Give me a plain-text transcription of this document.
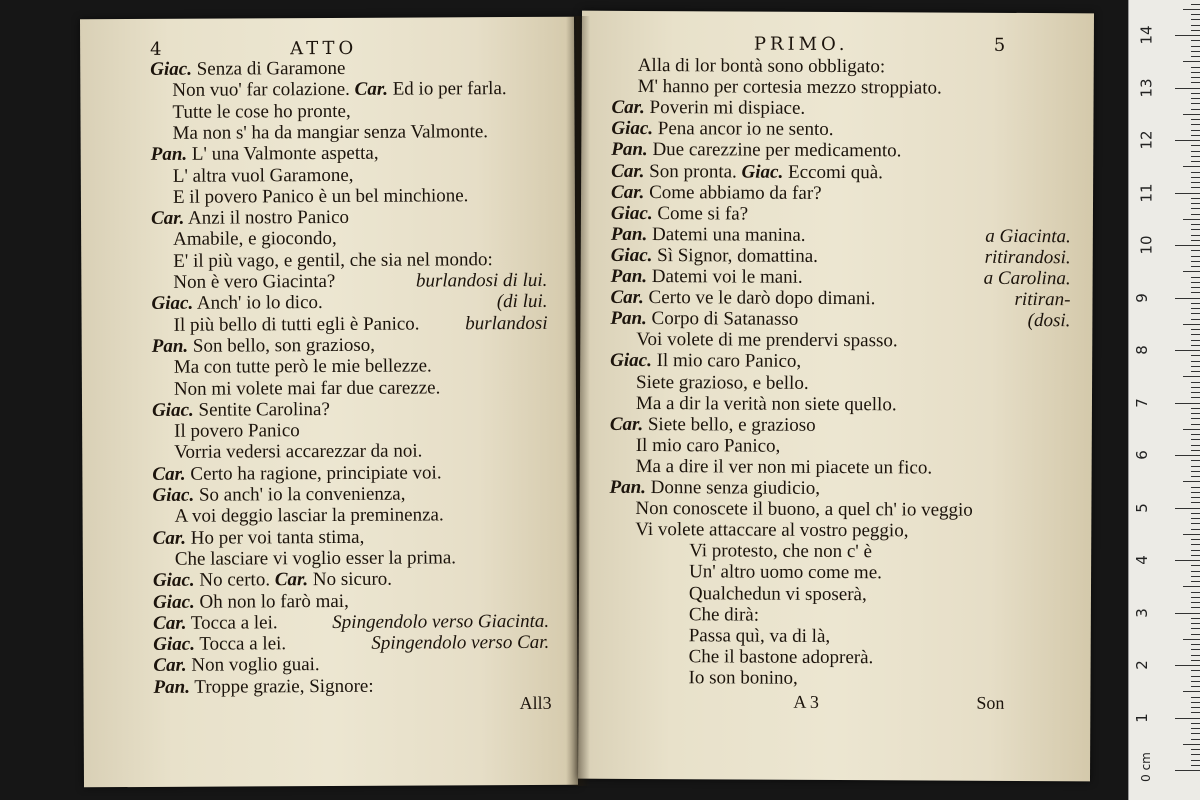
4	ATTO
Giac. Senza di Garamone
Non vuo' far colazione. Car. Ed io per farla.
Tutte le cose ho pronte,
Ma non s' ha da mangiar senza Valmonte.
Pan. L' una Valmonte aspetta,
L' altra vuol Garamone,
E il povero Panico è un bel minchione.
Car. Anzi il nostro Panico
Amabile, e giocondo,
E' il più vago, e gentil, che sia nel mondo:
Non è vero Giacinta?	burlandosi di lui.
Giac. Anch' io lo dico.	(di lui.
Il più bello di tutti egli è Panico. burlandosi
Pan. Son bello, son grazioso,
Ma con tutte però le mie bellezze.
Non mi volete mai far due carezze.
Giac. Sentite Carolina?
Il povero Panico
Vorria vedersi accarezzar da noi.
Car. Certo ha ragione, principiate voi.
Giac. So anch' io la convenienza,
A voi deggio lasciar la preminenza.
Car. Ho per voi tanta stima,
Che lasciare vi voglio esser la prima.
Giac. No certo. Car. No sicuro.
Giac. Oh non lo farò mai,
Car. Tocca a lei.	Spingendolo verso Giacinta.
Giac. Tocca a lei.	Spingendolo verso Car.
Car. Non voglio guai.
Pan. Troppe grazie, Signore:
All3
PRIMO.	5
Alla di lor bontà sono obbligato:
M' hanno per cortesia mezzo stroppiato.
Car. Poverin mi dispiace.
Giac. Pena ancor io ne sento.
Pan. Due carezzine per medicamento.
Car. Son pronta. Giac. Eccomi quà.
Car. Come abbiamo da far?
Giac. Come si fa?
Pan. Datemi una manina.	a Giacinta.
Giac. Sì Signor, domattina.	ritirandosi.
Pan. Datemi voi le mani.	a Carolina.
Car. Certo ve le darò dopo dimani.	ritiran-
Pan. Corpo di Satanasso	(dosi.
Voi volete di me prendervi spasso.
Giac. Il mio caro Panico,
Siete grazioso, e bello.
Ma a dir la verità non siete quello.
Car. Siete bello, e grazioso
Il mio caro Panico,
Ma a dire il ver non mi piacete un fico.
Pan. Donne senza giudicio,
Non conoscete il buono, a quel ch' io veggio
Vi volete attaccare al vostro peggio,
Vi protesto, che non c' è
Un' altro uomo come me.
Qualchedun vi sposerà,
Che dirà:
Passa quì, va di là,
Che il bastone adoprerà.
Io son bonino,
A 3	Son
0 cm
1
2
3
4
5
6
7
8
9
10
11
12
13
14
